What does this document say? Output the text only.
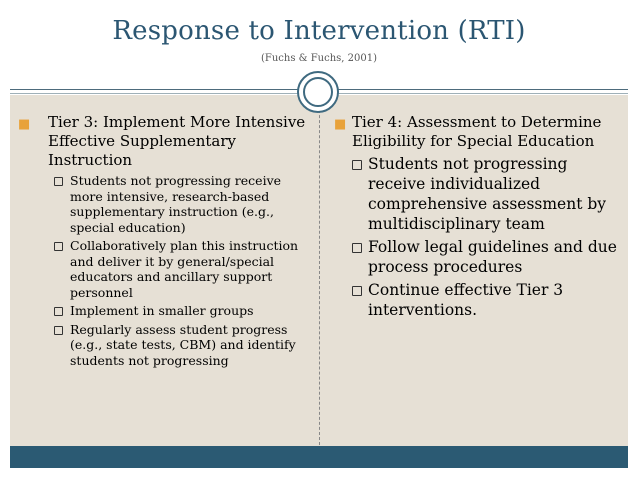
Response to Intervention (RTI)
(Fuchs & Fuchs, 2001)
■ Tier 3: Implement More Intensive Effective Supplementary Instruction
Students not progressing receive more intensive, research-based supplementary instruction (e.g., special education)
Collaboratively plan this instruction and deliver it by general/special educators and ancillary support personnel
Implement in smaller groups
Regularly assess student progress (e.g., state tests, CBM) and identify students not progressing
■ Tier 4: Assessment to Determine Eligibility for Special Education
Students not progressing receive individualized comprehensive assessment by multidisciplinary team
Follow legal guidelines and due process procedures
Continue effective Tier 3 interventions.
